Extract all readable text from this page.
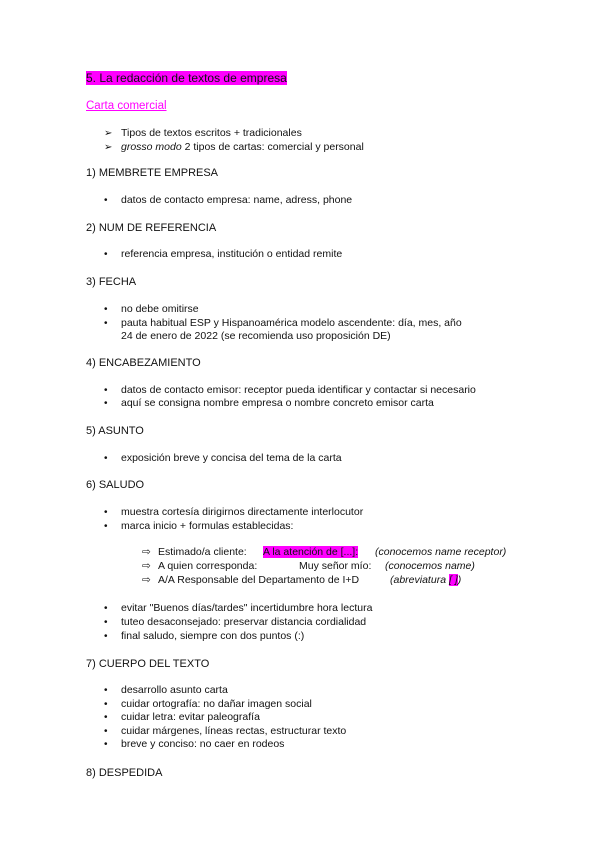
5. La redacción de textos de empresa
Carta comercial
➢ Tipos de textos escritos + tradicionales
➢ grosso modo 2 tipos de cartas: comercial y personal
1) MEMBRETE EMPRESA
• datos de contacto empresa: name, adress, phone
2) NUM DE REFERENCIA
• referencia empresa, institución o entidad remite
3) FECHA
• no debe omitirse
• pauta habitual ESP y Hispanoamérica modelo ascendente: día, mes, año
24 de enero de 2022 (se recomienda uso proposición DE)
4) ENCABEZAMIENTO
• datos de contacto emisor: receptor pueda identificar y contactar si necesario
• aquí se consigna nombre empresa o nombre concreto emisor carta
5) ASUNTO
• exposición breve y concisa del tema de la carta
6) SALUDO
• muestra cortesía dirigirnos directamente interlocutor
• marca inicio + formulas establecidas:
⇨ Estimado/a cliente: A la atención de [...]: (conocemos name receptor)
⇨ A quien corresponda:	Muy señor mío: (conocemos name)
⇨ A/A Responsable del Departamento de I+D	(abreviatura [ ])
• evitar "Buenos días/tardes" incertidumbre hora lectura
• tuteo desaconsejado: preservar distancia cordialidad
• final saludo, siempre con dos puntos (:)
7) CUERPO DEL TEXTO
• desarrollo asunto carta
• cuidar ortografía: no dañar imagen social
• cuidar letra: evitar paleografía
• cuidar márgenes, líneas rectas, estructurar texto
• breve y conciso: no caer en rodeos
8) DESPEDIDA
